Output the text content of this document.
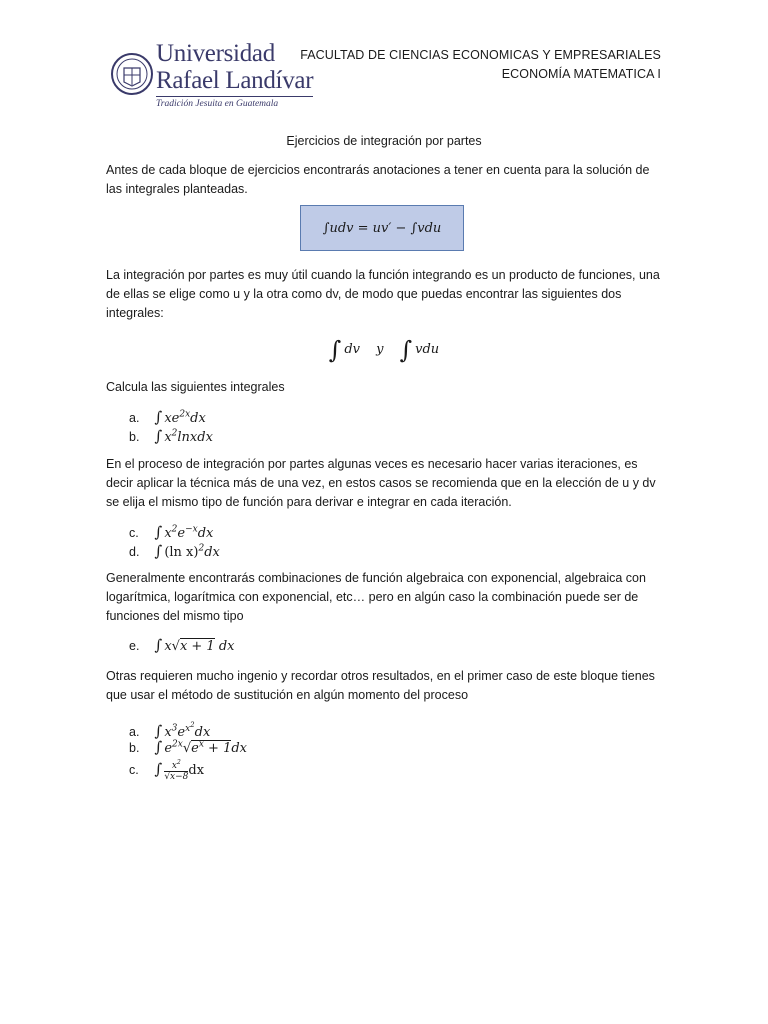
Universidad
Rafael Landívar
Tradición Jesuita en Guatemala
FACULTAD DE CIENCIAS ECONOMICAS Y EMPRESARIALES
ECONOMÍA MATEMATICA I
Ejercicios de integración por partes

Antes de cada bloque de ejercicios encontrarás anotaciones a tener en cuenta para la solución de las integrales planteadas.

∫udv = uv′ − ∫vdu

La integración por partes es muy útil cuando la función integrando es un producto de funciones, una de ellas se elige como u y la otra como dv, de modo que puedas encontrar las siguientes dos integrales:

∫ dv y ∫ vdu

Calcula las siguientes integrales

a. ∫ $xe^{2x}dx$
b. ∫ $x^2lnxdx$

En el proceso de integración por partes algunas veces es necesario hacer varias iteraciones, es decir aplicar la técnica más de una vez, en estos casos se recomienda que en la elección de u y dv se elija el mismo tipo de función para derivar e integrar en cada iteración.

c. ∫ $x^2e^{-x}dx$
d. ∫ (ln x)$^2$dx

Generalmente encontrarás combinaciones de función algebraica con exponencial, algebraica con logarítmica, logarítmica con exponencial, etc… pero en algún caso la combinación puede ser de funciones del mismo tipo

e. ∫ x√x + 1 dx

Otras requieren mucho ingenio y recordar otros resultados, en el primer caso de este bloque tienes que usar el método de sustitución en algún momento del proceso

a. ∫ $x^3e^{x^2}dx$
b. ∫ $e^{2x}√e^x + 1dx$
c. ∫ $\frac{x^2}{√x-8}$ dx
